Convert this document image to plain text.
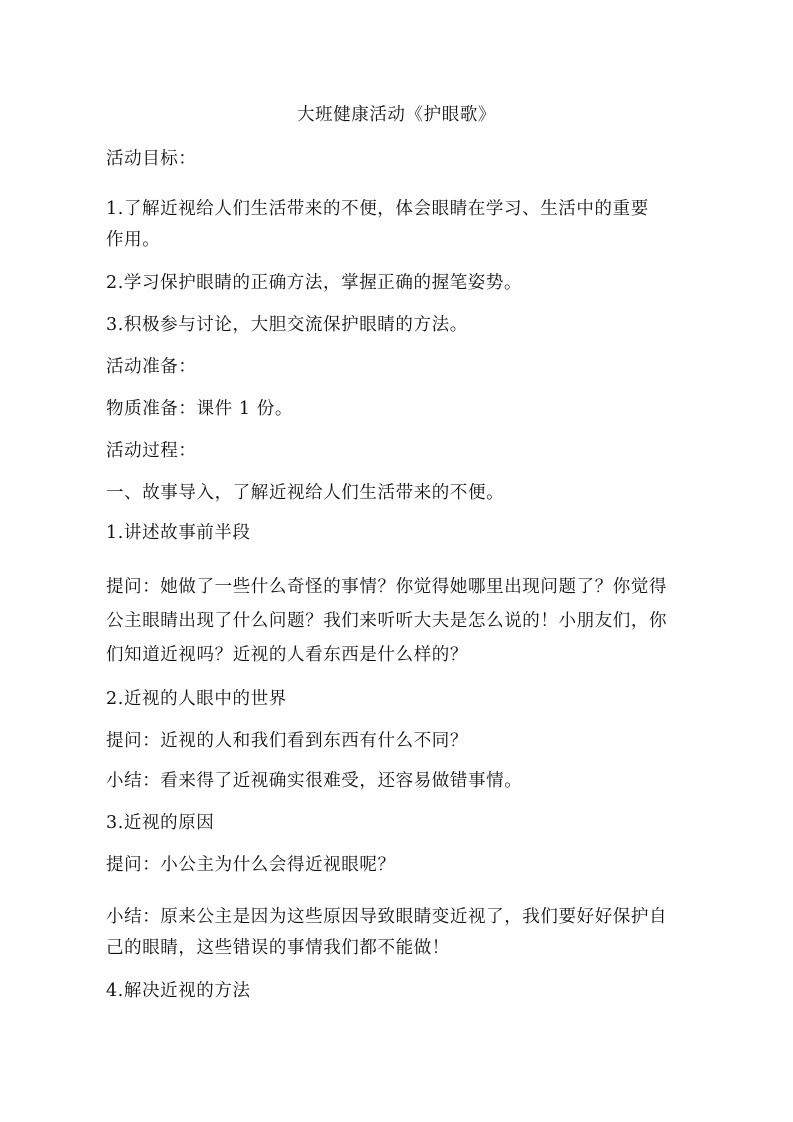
大班健康活动《护眼歌》
活动目标：
1.了解近视给人们生活带来的不便，体会眼睛在学习、生活中的重要
作用。
2.学习保护眼睛的正确方法，掌握正确的握笔姿势。
3.积极参与讨论，大胆交流保护眼睛的方法。
活动准备：
物质准备：课件 1 份。
活动过程：
一、故事导入，了解近视给人们生活带来的不便。
1.讲述故事前半段
提问：她做了一些什么奇怪的事情？你觉得她哪里出现问题了？你觉得
公主眼睛出现了什么问题？我们来听听大夫是怎么说的！小朋友们，你
们知道近视吗？近视的人看东西是什么样的？
2.近视的人眼中的世界
提问：近视的人和我们看到东西有什么不同？
小结：看来得了近视确实很难受，还容易做错事情。
3.近视的原因
提问：小公主为什么会得近视眼呢？
小结：原来公主是因为这些原因导致眼睛变近视了，我们要好好保护自
己的眼睛，这些错误的事情我们都不能做！
4.解决近视的方法
